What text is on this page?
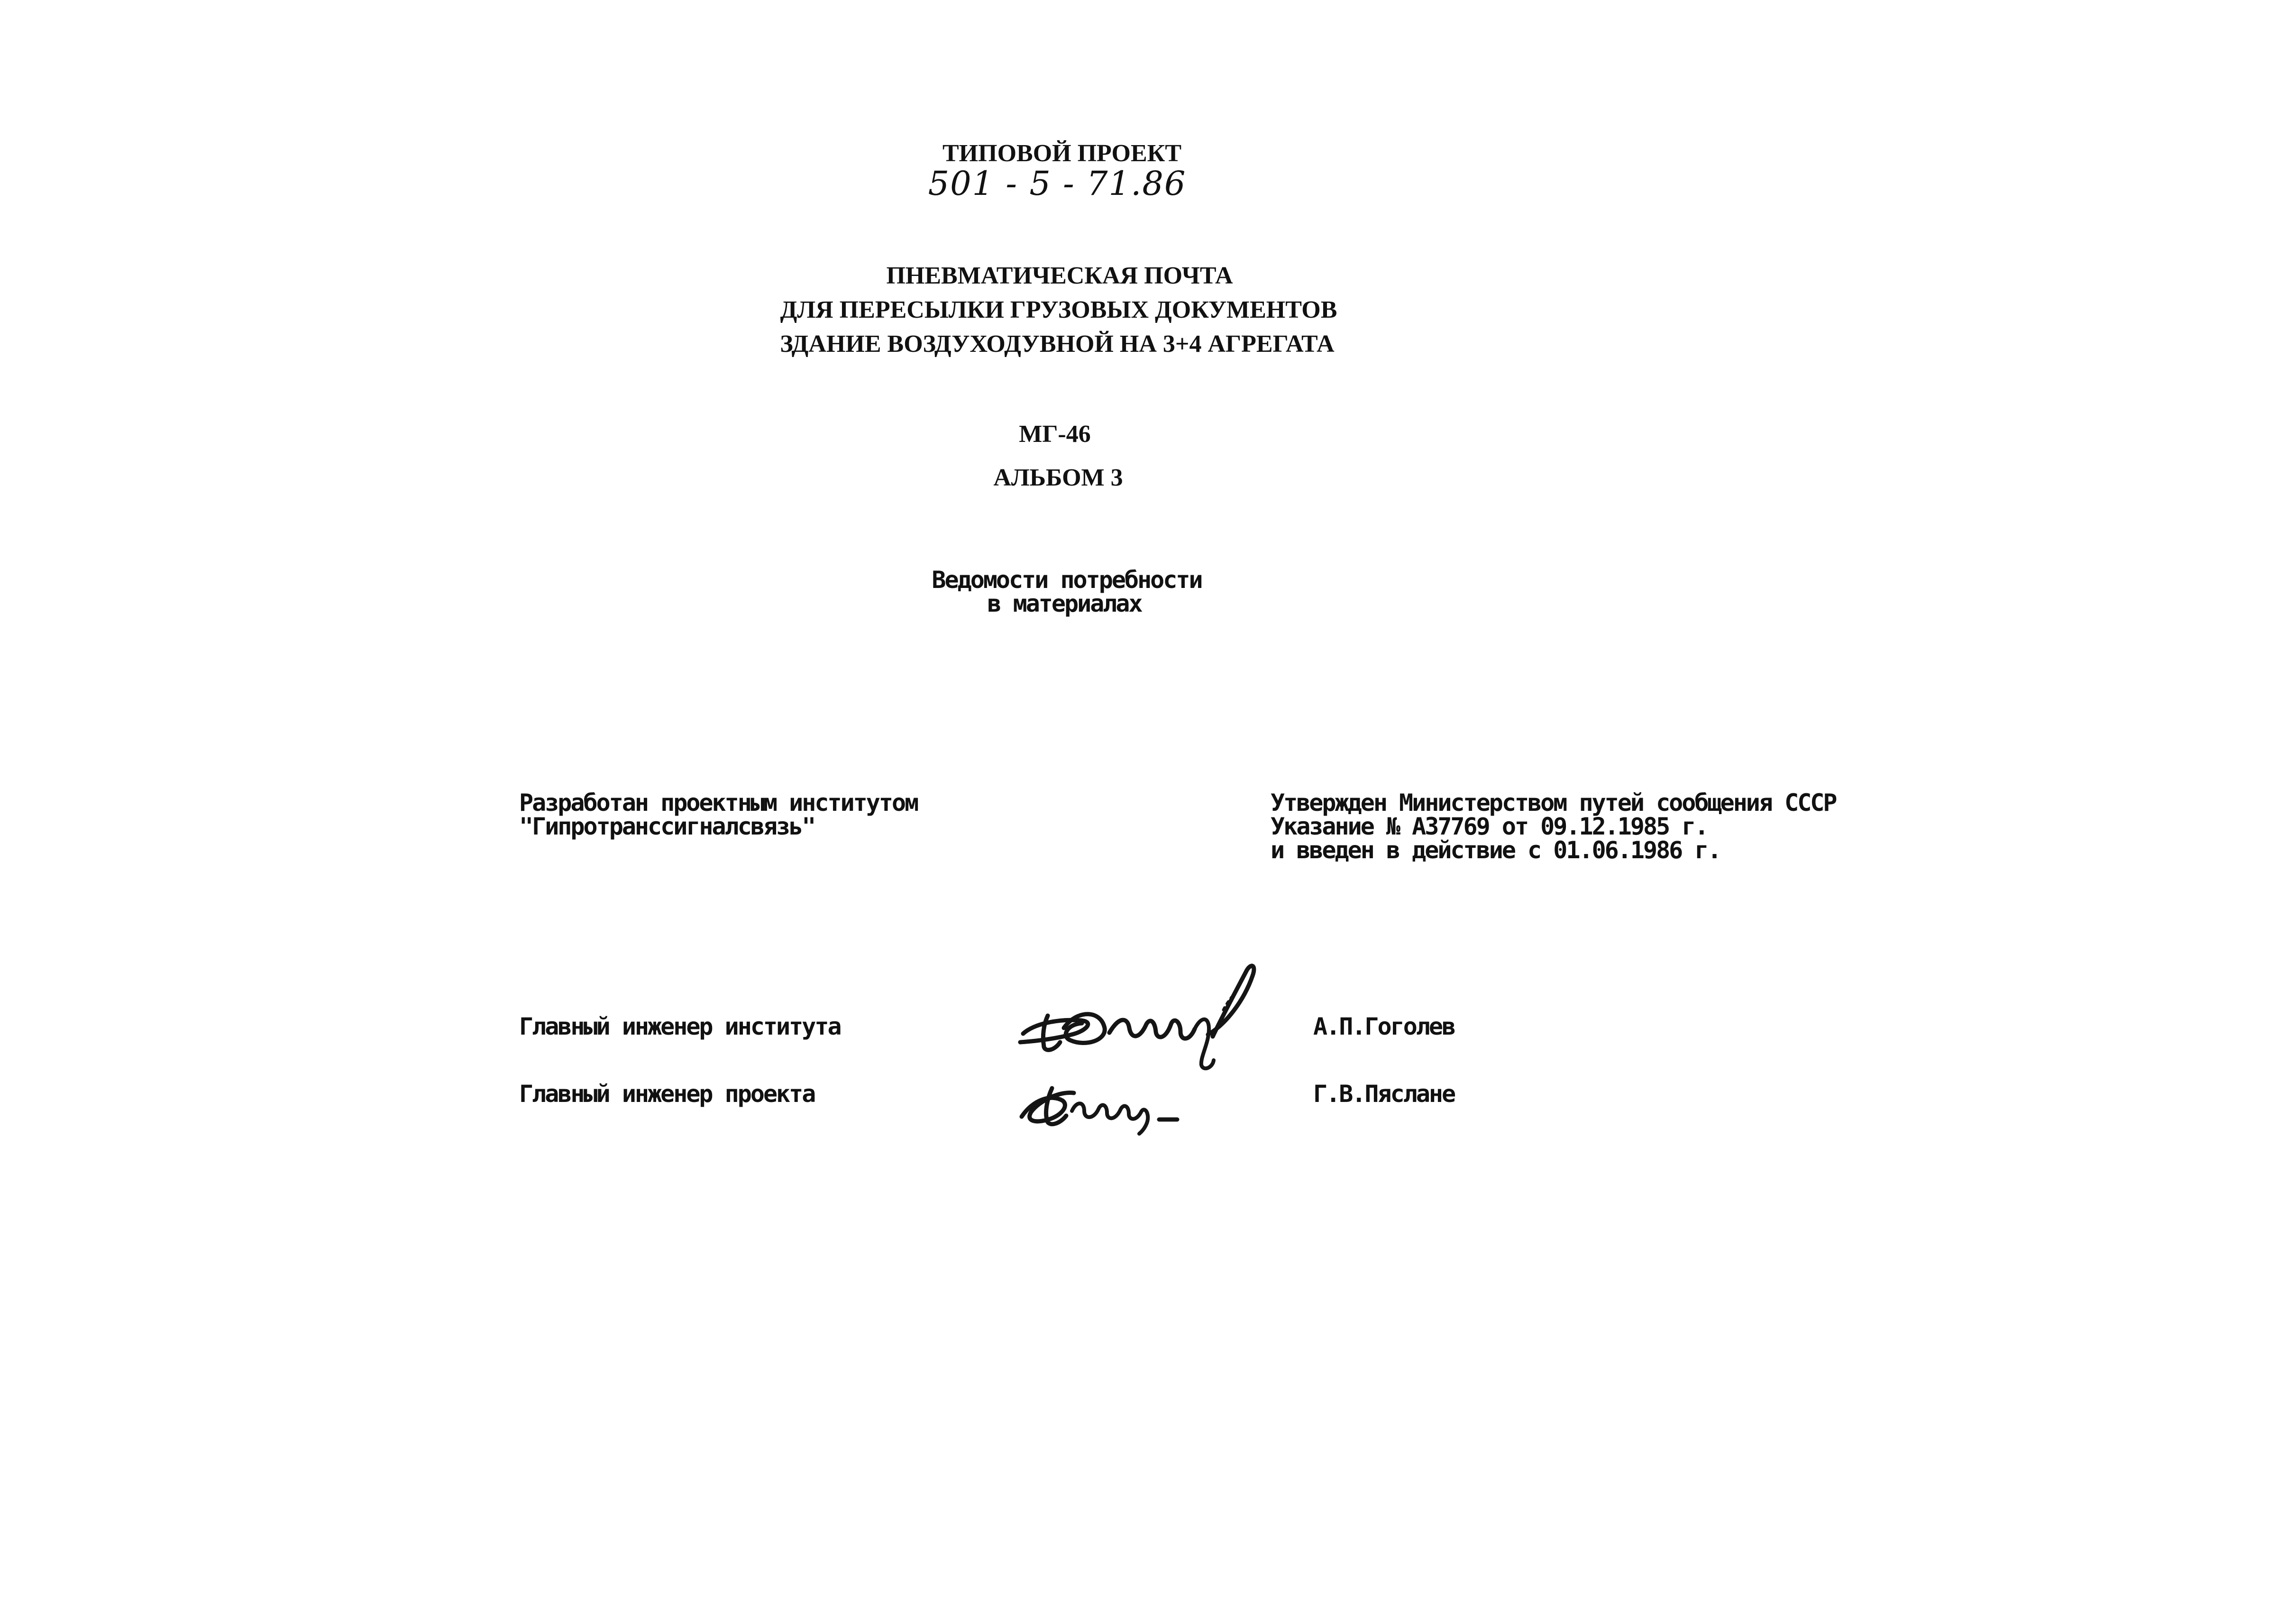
ТИПОВОЙ ПРОЕКТ
501 - 5 - 71.86
ПНЕВМАТИЧЕСКАЯ ПОЧТА
ДЛЯ ПЕРЕСЫЛКИ ГРУЗОВЫХ ДОКУМЕНТОВ
ЗДАНИЕ ВОЗДУХОДУВНОЙ НА 3+4 АГРЕГАТА
МГ-46
АЛЬБОМ 3
Ведомости потребности
в материалах
Разработан проектным институтом
"Гипротранссигналсвязь"
Утвержден Министерством путей сообщения СССР
Указание № А37769 от 09.12.1985 г.
и введен в действие с 01.06.1986 г.
Главный инженер института	А.П.Гоголев
Главный инженер проекта	Г.В.Пяслане
